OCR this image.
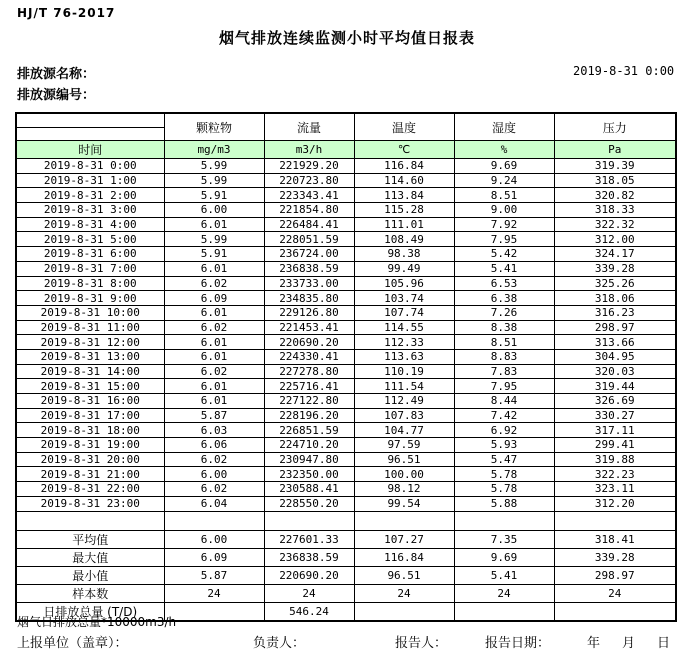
HJ/T 76-2017
烟气排放连续监测小时平均值日报表
排放源名称：
排放源编号：
2019-8-31 0:00
	颗粒物	流量	温度	湿度	压力

时间	mg/m3	m3/h	℃	%	Pa
2019-8-31 0:00	5.99	221929.20	116.84	9.69	319.39
2019-8-31 1:00	5.99	220723.80	114.60	9.24	318.05
2019-8-31 2:00	5.91	223343.41	113.84	8.51	320.82
2019-8-31 3:00	6.00	221854.80	115.28	9.00	318.33
2019-8-31 4:00	6.01	226484.41	111.01	7.92	322.32
2019-8-31 5:00	5.99	228051.59	108.49	7.95	312.00
2019-8-31 6:00	5.91	236724.00	98.38	5.42	324.17
2019-8-31 7:00	6.01	236838.59	99.49	5.41	339.28
2019-8-31 8:00	6.02	233733.00	105.96	6.53	325.26
2019-8-31 9:00	6.09	234835.80	103.74	6.38	318.06
2019-8-31 10:00	6.01	229126.80	107.74	7.26	316.23
2019-8-31 11:00	6.02	221453.41	114.55	8.38	298.97
2019-8-31 12:00	6.01	220690.20	112.33	8.51	313.66
2019-8-31 13:00	6.01	224330.41	113.63	8.83	304.95
2019-8-31 14:00	6.02	227278.80	110.19	7.83	320.03
2019-8-31 15:00	6.01	225716.41	111.54	7.95	319.44
2019-8-31 16:00	6.01	227122.80	112.49	8.44	326.69
2019-8-31 17:00	5.87	228196.20	107.83	7.42	330.27
2019-8-31 18:00	6.03	226851.59	104.77	6.92	317.11
2019-8-31 19:00	6.06	224710.20	97.59	5.93	299.41
2019-8-31 20:00	6.02	230947.80	96.51	5.47	319.88
2019-8-31 21:00	6.00	232350.00	100.00	5.78	322.23
2019-8-31 22:00	6.02	230588.41	98.12	5.78	323.11
2019-8-31 23:00	6.04	228550.20	99.54	5.88	312.20

平均值	6.00	227601.33	107.27	7.35	318.41
最大值	6.09	236838.59	116.84	9.69	339.28
最小值	5.87	220690.20	96.51	5.41	298.97
样本数	24	24	24	24	24
日排放总量 (T/D)		546.24			
烟气日排放总量*10000m3/h
上报单位（盖章）：	负责人：	报告人：	报告日期：	年 月 日
